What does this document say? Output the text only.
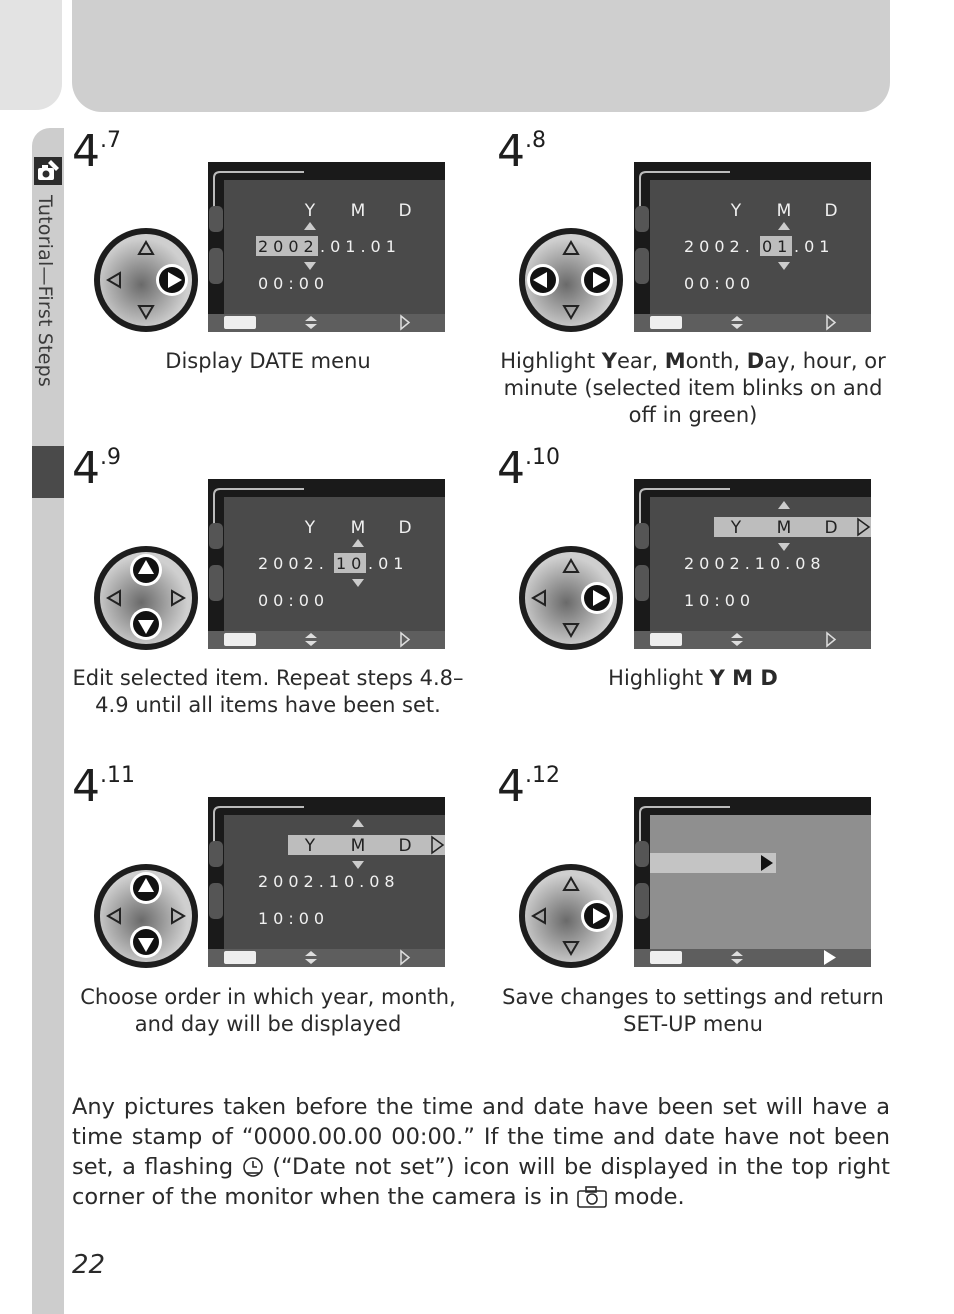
Tutorial—First Steps
$4^{.7}$
Y M D
2002 .01.01
00:00
Display DATE menu
$4^{.8}$
Y M D
2002. 01 .01
00:00
Highlight Year, Month, Day, hour, or minute (selected item blinks on and off in green)
$4^{.9}$
Y M D
2002. 10 .01
00:00
Edit selected item. Repeat steps 4.8–4.9 until all items have been set.
$4^{.10}$
Y M D
2002.10.08
10:00
Highlight Y M D
$4^{.11}$
Y M D
2002.10.08
10:00
Choose order in which year, month, and day will be displayed
$4^{.12}$
Save changes to settings and return SET-UP menu
Any pictures taken before the time and date have been set will have a time stamp of “0000.00.00 00:00.” If the time and date have not been set, a flashing  (“Date not set”) icon will be displayed in the top right corner of the monitor when the camera is in  mode.
22
